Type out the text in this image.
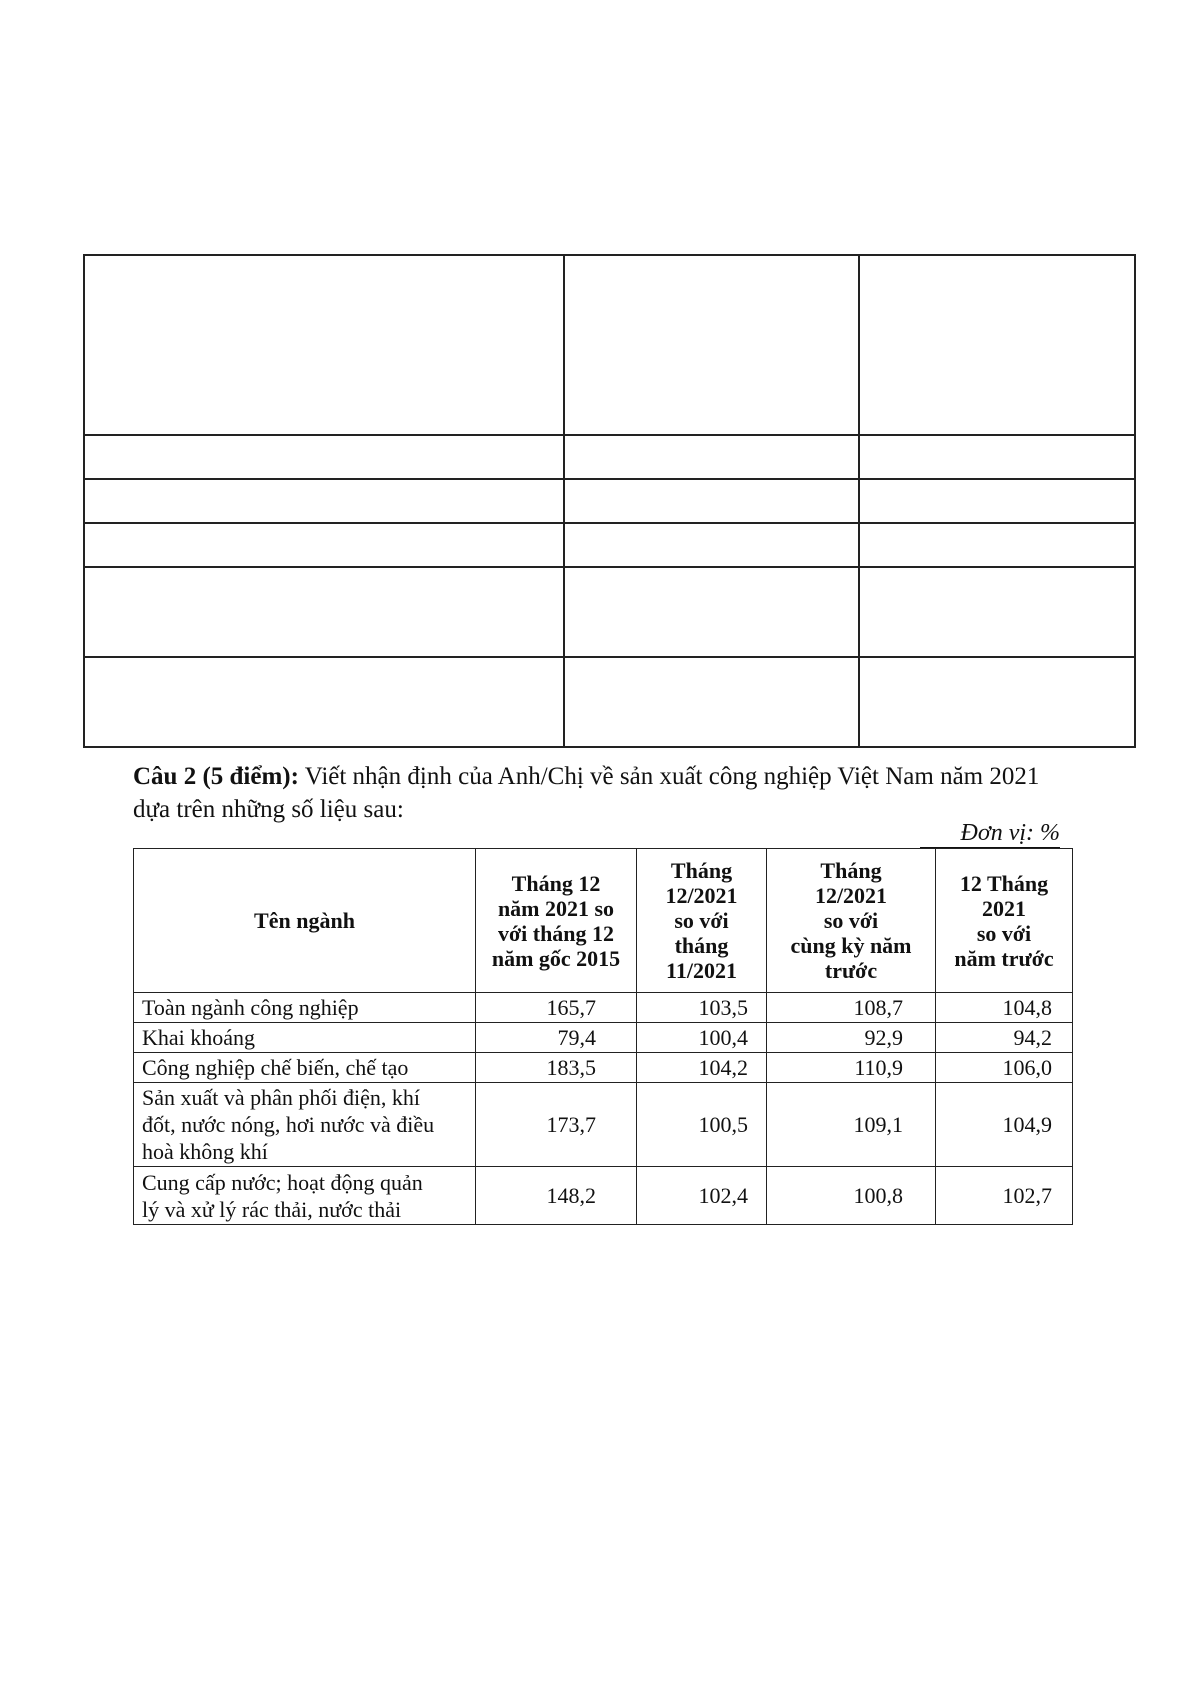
Câu 2 (5 điểm): Viết nhận định của Anh/Chị về sản xuất công nghiệp Việt Nam năm 2021 dựa trên những số liệu sau:
Đơn vị: %
Tên ngành	Tháng 12
năm 2021 so
với tháng 12
năm gốc 2015	Tháng
12/2021
so với
tháng
11/2021	Tháng
12/2021
so với
cùng kỳ năm
trước	12 Tháng
2021
so với
năm trước

Toàn ngành công nghiệp	165,7	103,5	108,7	104,8
Khai khoáng	79,4	100,4	92,9	94,2
Công nghiệp chế biến, chế tạo	183,5	104,2	110,9	106,0

Sản xuất và phân phối điện, khí
đốt, nước nóng, hơi nước và điều
hoà không khí	173,7	100,5	109,1	104,9

Cung cấp nước; hoạt động quản
lý và xử lý rác thải, nước thải	148,2	102,4	100,8	102,7
